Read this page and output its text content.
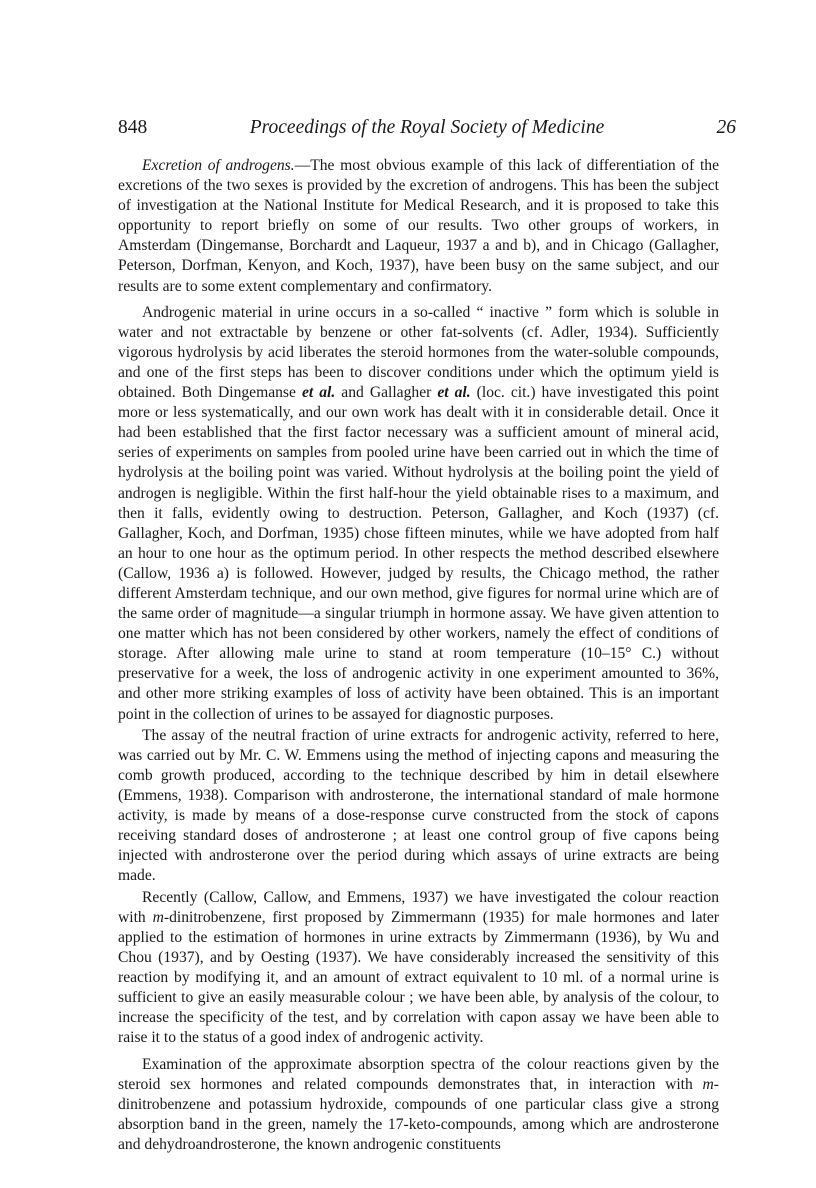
848	Proceedings of the Royal Society of Medicine	26

Excretion of androgens.—The most obvious example of this lack of differentiation of the excretions of the two sexes is provided by the excretion of androgens. This has been the subject of investigation at the National Institute for Medical Research, and it is proposed to take this opportunity to report briefly on some of our results. Two other groups of workers, in Amsterdam (Dingemanse, Borchardt and Laqueur, 1937 a and b), and in Chicago (Gallagher, Peterson, Dorfman, Kenyon, and Koch, 1937), have been busy on the same subject, and our results are to some extent complementary and confirmatory.

Androgenic material in urine occurs in a so-called “ inactive ” form which is soluble in water and not extractable by benzene or other fat-solvents (cf. Adler, 1934). Sufficiently vigorous hydrolysis by acid liberates the steroid hormones from the water-soluble compounds, and one of the first steps has been to discover conditions under which the optimum yield is obtained. Both Dingemanse et al. and Gallagher et al. (loc. cit.) have investigated this point more or less systematically, and our own work has dealt with it in considerable detail. Once it had been established that the first factor necessary was a sufficient amount of mineral acid, series of experiments on samples from pooled urine have been carried out in which the time of hydrolysis at the boiling point was varied. Without hydrolysis at the boiling point the yield of androgen is negligible. Within the first half-hour the yield obtainable rises to a maximum, and then it falls, evidently owing to destruction. Peterson, Gallagher, and Koch (1937) (cf. Gallagher, Koch, and Dorfman, 1935) chose fifteen minutes, while we have adopted from half an hour to one hour as the optimum period. In other respects the method described elsewhere (Callow, 1936 a) is followed. However, judged by results, the Chicago method, the rather different Amsterdam technique, and our own method, give figures for normal urine which are of the same order of magnitude—a singular triumph in hormone assay. We have given attention to one matter which has not been considered by other workers, namely the effect of conditions of storage. After allowing male urine to stand at room temperature (10–15° C.) without preservative for a week, the loss of androgenic activity in one experiment amounted to 36%, and other more striking examples of loss of activity have been obtained. This is an important point in the collection of urines to be assayed for diagnostic purposes.

The assay of the neutral fraction of urine extracts for androgenic activity, referred to here, was carried out by Mr. C. W. Emmens using the method of injecting capons and measuring the comb growth produced, according to the technique described by him in detail elsewhere (Emmens, 1938). Comparison with androsterone, the international standard of male hormone activity, is made by means of a dose-response curve constructed from the stock of capons receiving standard doses of androsterone ; at least one control group of five capons being injected with androsterone over the period during which assays of urine extracts are being made.

Recently (Callow, Callow, and Emmens, 1937) we have investigated the colour reaction with m-dinitrobenzene, first proposed by Zimmermann (1935) for male hormones and later applied to the estimation of hormones in urine extracts by Zimmermann (1936), by Wu and Chou (1937), and by Oesting (1937). We have considerably increased the sensitivity of this reaction by modifying it, and an amount of extract equivalent to 10 ml. of a normal urine is sufficient to give an easily measurable colour ; we have been able, by analysis of the colour, to increase the specificity of the test, and by correlation with capon assay we have been able to raise it to the status of a good index of androgenic activity.

Examination of the approximate absorption spectra of the colour reactions given by the steroid sex hormones and related compounds demonstrates that, in interaction with m-dinitrobenzene and potassium hydroxide, compounds of one particular class give a strong absorption band in the green, namely the 17-keto-compounds, among which are androsterone and dehydroandrosterone, the known androgenic constituents
